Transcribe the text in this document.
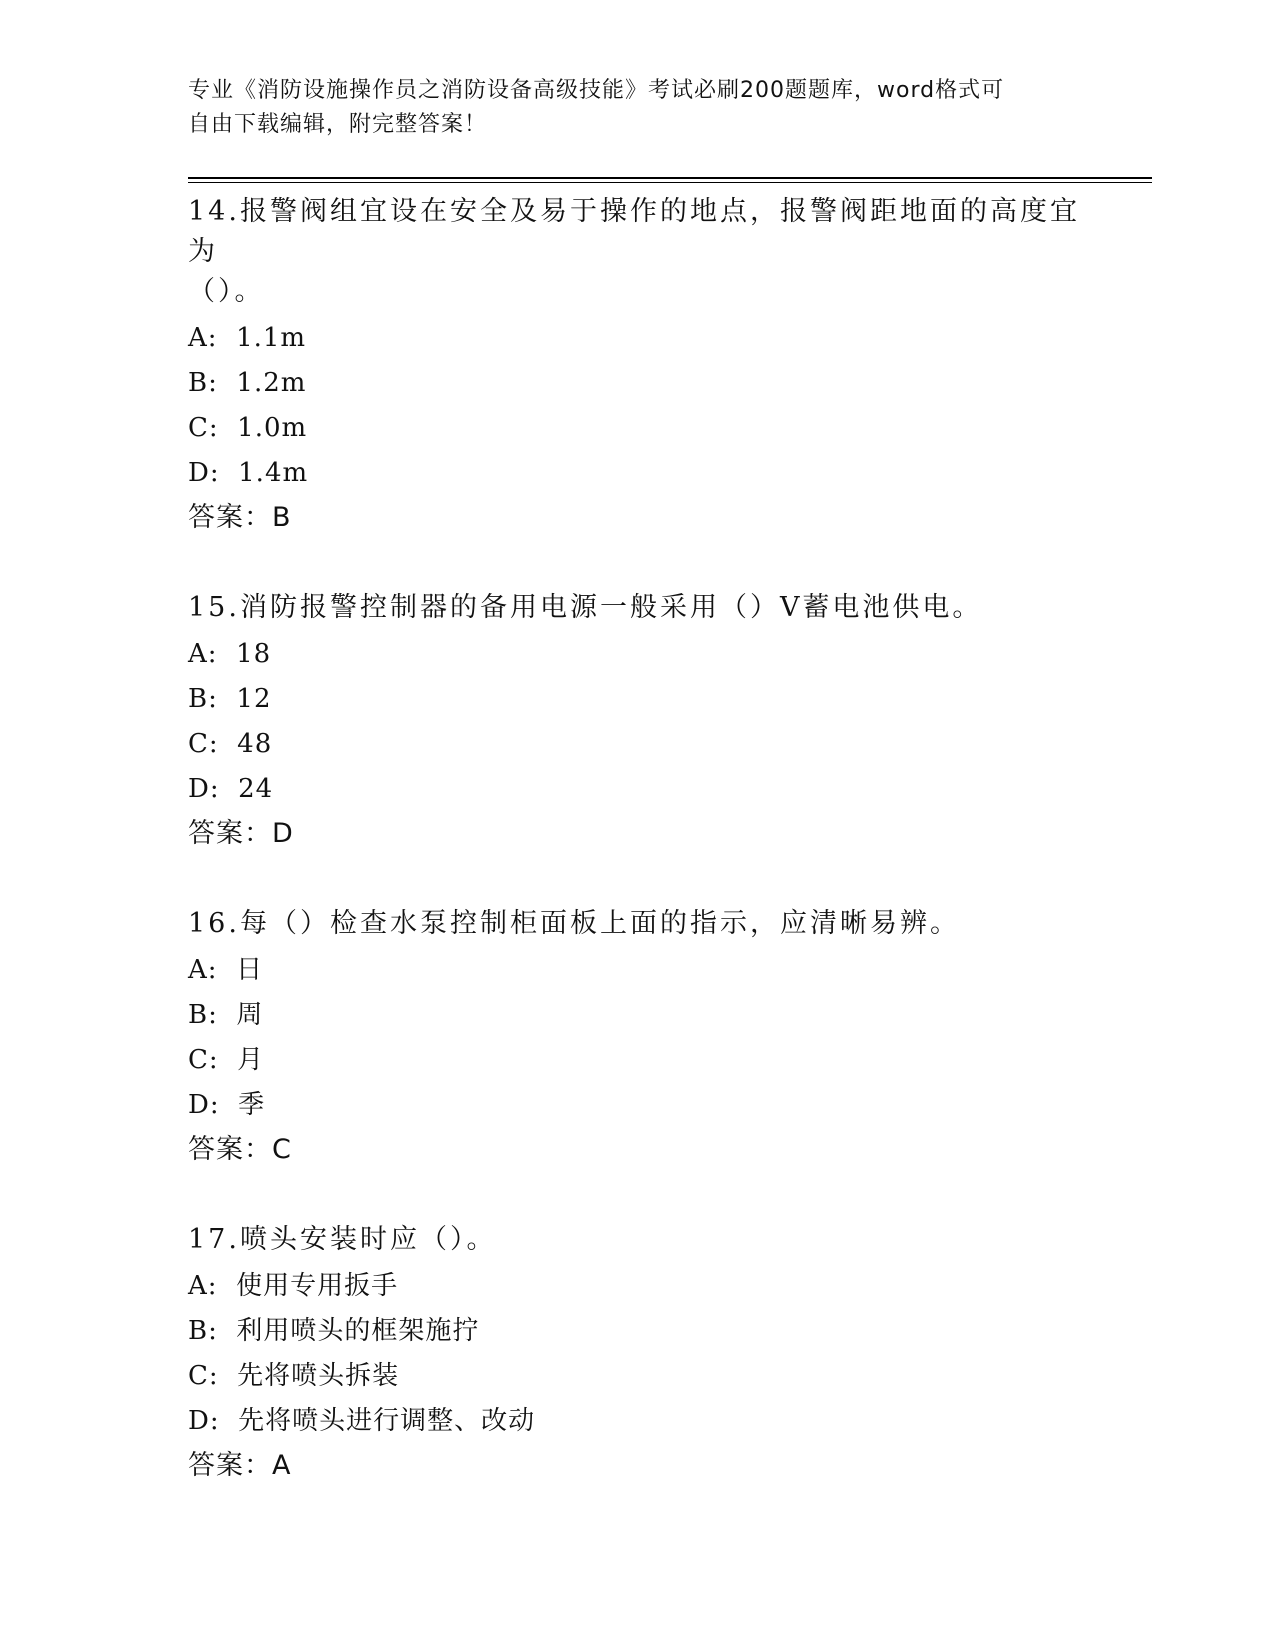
专业《消防设施操作员之消防设备高级技能》考试必刷200题题库，word格式可
自由下载编辑，附完整答案！
14.报警阀组宜设在安全及易于操作的地点，报警阀距地面的高度宜为
（）。
A:  1.1m
B:  1.2m
C:  1.0m
D:  1.4m
答案：B
15.消防报警控制器的备用电源一般采用（）V蓄电池供电。
A:  18
B:  12
C:  48
D:  24
答案：D
16.每（）检查水泵控制柜面板上面的指示，应清晰易辨。
A:  日
B:  周
C:  月
D:  季
答案：C
17.喷头安装时应（）。
A:  使用专用扳手
B:  利用喷头的框架施拧
C:  先将喷头拆装
D:  先将喷头进行调整、改动
答案：A
